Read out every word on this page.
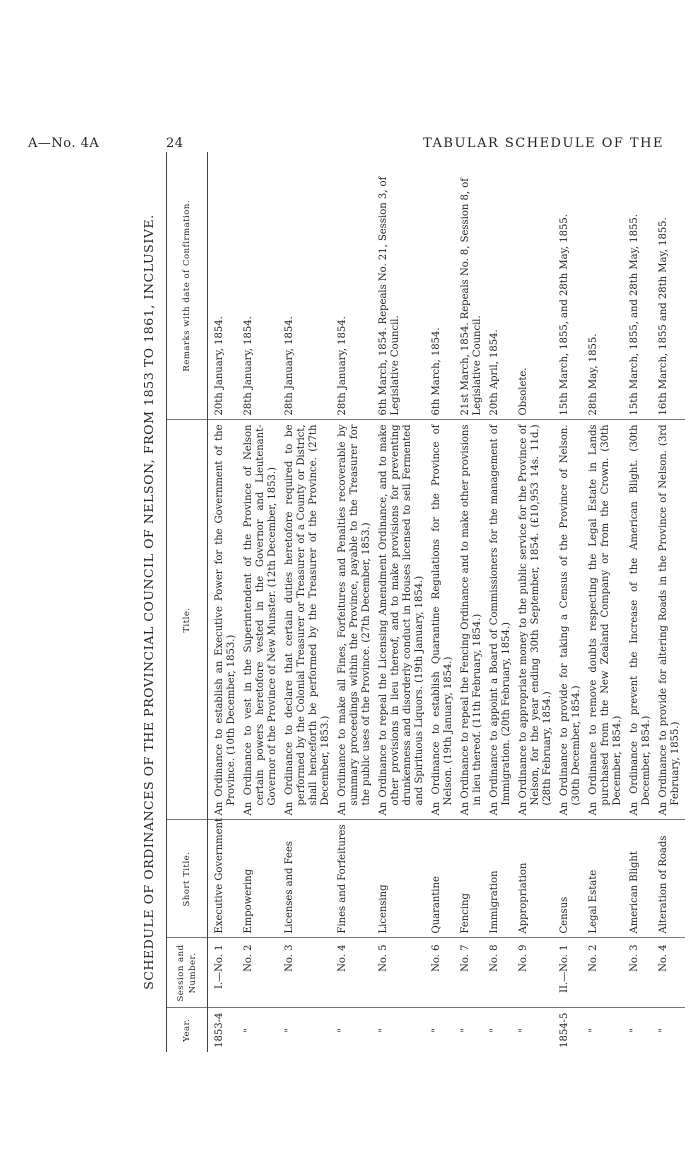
A—No. 4A	24	TABULAR SCHEDULE OF THE
SCHEDULE OF ORDINANCES OF THE PROVINCIAL COUNCIL OF NELSON, FROM 1853 TO 1861, INCLUSIVE.
Year.	Session and Number.	Short Title.	Title.	Remarks with date of Confirmation.
1853-4	I.—No. 1	Executive Government	An Ordinance to establish an Executive Power for the Government of the Province. (10th December, 1853.)	20th January, 1854.
"	No. 2	Empowering	An Ordinance to vest in the Superintendent of the Province of Nelson certain powers heretofore vested in the Governor and Lieutenant-Governor of the Province of New Munster. (12th December, 1853.)	28th January, 1854.
"	No. 3	Licenses and Fees	An Ordinance to declare that certain duties heretofore required to be performed by the Colonial Treasurer or Treasurer of a County or District, shall henceforth be performed by the Treasurer of the Province. (27th December, 1853.)	28th January, 1854.
"	No. 4	Fines and Forfeitures	An Ordinance to make all Fines, Forfeitures and Penalties recoverable by summary proceedings within the Province, payable to the Treasurer for the public uses of the Province. (27th December, 1853.)	28th January, 1854.
"	No. 5	Licensing	An Ordinance to repeal the Licensing Amendment Ordinance, and to make other provisions in lieu thereof, and to make provisions for preventing drunkenness and disorderly conduct in Houses licensed to sell Fermented and Spirituous Liquors. (19th January, 1854.)	6th March, 1854. Repeals No. 21, Session 3, of Legislative Council.
"	No. 6	Quarantine	An Ordinance to establish Quarantine Regulations for the Province of Nelson. (19th January, 1854.)	6th March, 1854.
"	No. 7	Fencing	An Ordinance to repeal the Fencing Ordinance and to make other provisions in lieu thereof. (11th February, 1854.)	21st March, 1854. Repeals No. 8, Session 8, of Legislative Council.
"	No. 8	Immigration	An Ordinance to appoint a Board of Commissioners for the management of Immigration. (20th February, 1854.)	20th April, 1854.
"	No. 9	Appropriation	An Ordinance to appropriate money to the public service for the Province of Nelson, for the year ending 30th September, 1854. (£10,953 14s. 11d.) (28th February, 1854.)	Obsolete.
1854-5	II.—No. 1	Census	An Ordinance to provide for taking a Census of the Province of Nelson. (30th December, 1854.)	15th March, 1855, and 28th May, 1855.
"	No. 2	Legal Estate	An Ordinance to remove doubts respecting the Legal Estate in Lands purchased from the New Zealand Company or from the Crown. (30th December, 1854.)	28th May, 1855.
"	No. 3	American Blight	An Ordinance to prevent the Increase of the American Blight. (30th December, 1854.)	15th March, 1855, and 28th May, 1855.
"	No. 4	Alteration of Roads	An Ordinance to provide for altering Roads in the Province of Nelson. (3rd February, 1855.)	16th March, 1855 and 28th May, 1855.
